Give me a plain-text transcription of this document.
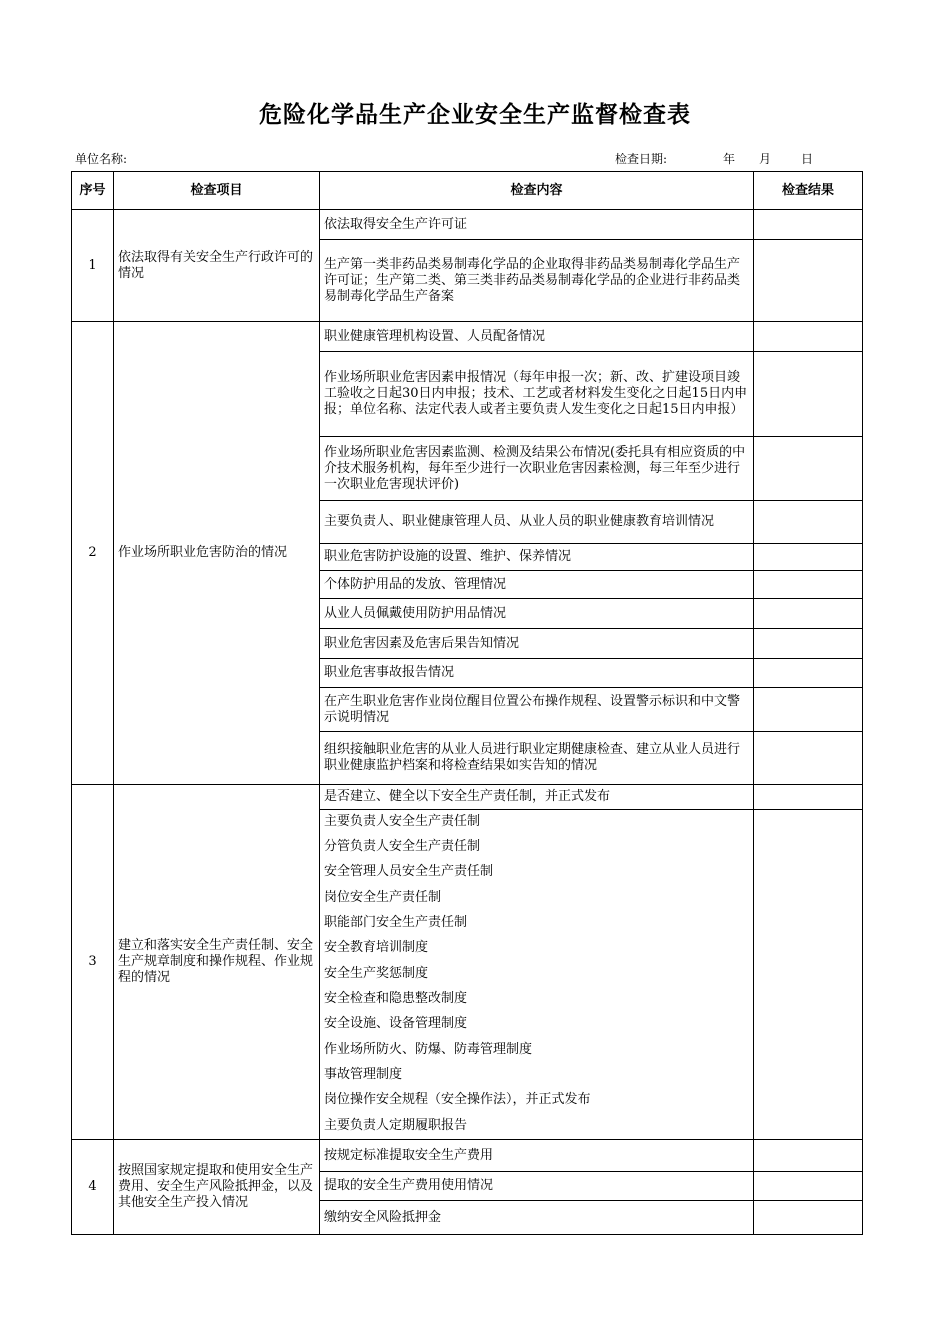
危险化学品生产企业安全生产监督检查表
单位名称:	检查日期:	年 月 日
序号	检查项目	检查内容	检查结果
1	依法取得有关安全生产行政许可的情况	依法取得安全生产许可证	
		生产第一类非药品类易制毒化学品的企业取得非药品类易制毒化学品生产许可证；生产第二类、第三类非药品类易制毒化学品的企业进行非药品类易制毒化学品生产备案	
2	作业场所职业危害防治的情况	职业健康管理机构设置、人员配备情况	
		作业场所职业危害因素申报情况（每年申报一次；新、改、扩建设项目竣工验收之日起30日内申报；技术、工艺或者材料发生变化之日起15日内申报；单位名称、法定代表人或者主要负责人发生变化之日起15日内申报）	
		作业场所职业危害因素监测、检测及结果公布情况(委托具有相应资质的中介技术服务机构，每年至少进行一次职业危害因素检测，每三年至少进行一次职业危害现状评价)	
		主要负责人、职业健康管理人员、从业人员的职业健康教育培训情况	
		职业危害防护设施的设置、维护、保养情况	
		个体防护用品的发放、管理情况	
		从业人员佩戴使用防护用品情况	
		职业危害因素及危害后果告知情况	
		职业危害事故报告情况	
		在产生职业危害作业岗位醒目位置公布操作规程、设置警示标识和中文警示说明情况	
		组织接触职业危害的从业人员进行职业定期健康检查、建立从业人员进行职业健康监护档案和将检查结果如实告知的情况	
3	建立和落实安全生产责任制、安全生产规章制度和操作规程、作业规程的情况	是否建立、健全以下安全生产责任制，并正式发布	
		主要负责人安全生产责任制	
		分管负责人安全生产责任制	
		安全管理人员安全生产责任制	
		岗位安全生产责任制	
		职能部门安全生产责任制	
		安全教育培训制度	
		安全生产奖惩制度	
		安全检查和隐患整改制度	
		安全设施、设备管理制度	
		作业场所防火、防爆、防毒管理制度	
		事故管理制度	
		岗位操作安全规程（安全操作法），并正式发布	
		主要负责人定期履职报告	
4	按照国家规定提取和使用安全生产费用、安全生产风险抵押金，以及其他安全生产投入情况	按规定标准提取安全生产费用	
		提取的安全生产费用使用情况	
		缴纳安全风险抵押金	
